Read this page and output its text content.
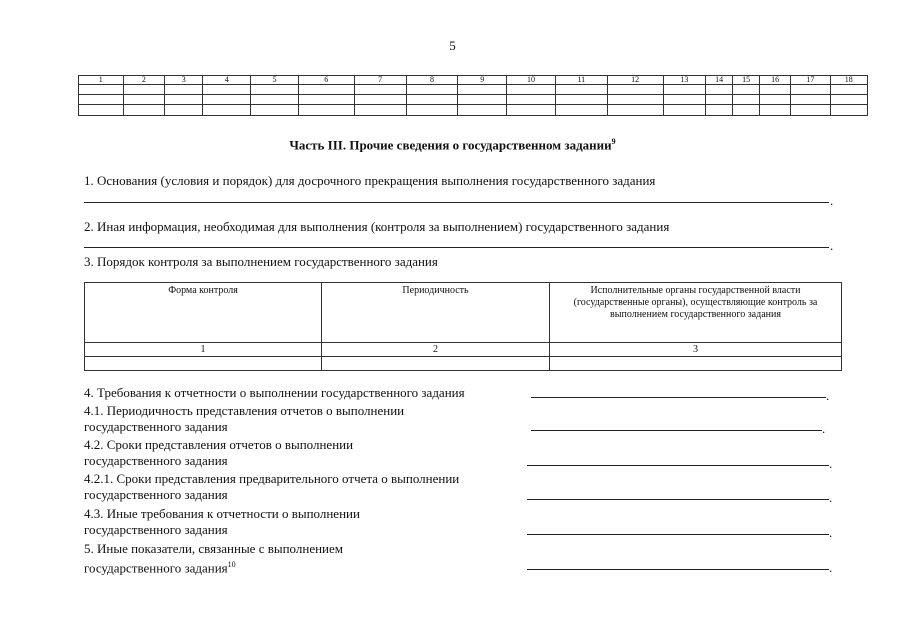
5
1	2	3	4	5	6	7	8	9	10	11	12	13	14	15	16	17	18

Часть III. Прочие сведения о государственном задании$^9$
1. Основания (условия и порядок) для досрочного прекращения выполнения государственного задания
.
2. Иная информация, необходимая для выполнения (контроля за выполнением) государственного задания
.
3. Порядок контроля за выполнением государственного задания
Форма контроля	Периодичность	Исполнительные органы государственной власти (государственные органы), осуществляющие контроль за выполнением государственного задания
1	2	3

4. Требования к отчетности о выполнении государственного задания	.
4.1. Периодичность представления отчетов о выполнении
государственного задания	.
4.2. Сроки представления отчетов о выполнении
государственного задания	.
4.2.1. Сроки представления предварительного отчета о выполнении
государственного задания	.
4.3. Иные требования к отчетности о выполнении
государственного задания	.
5. Иные показатели, связанные с выполнением
государственного задания$^{10}$	.
